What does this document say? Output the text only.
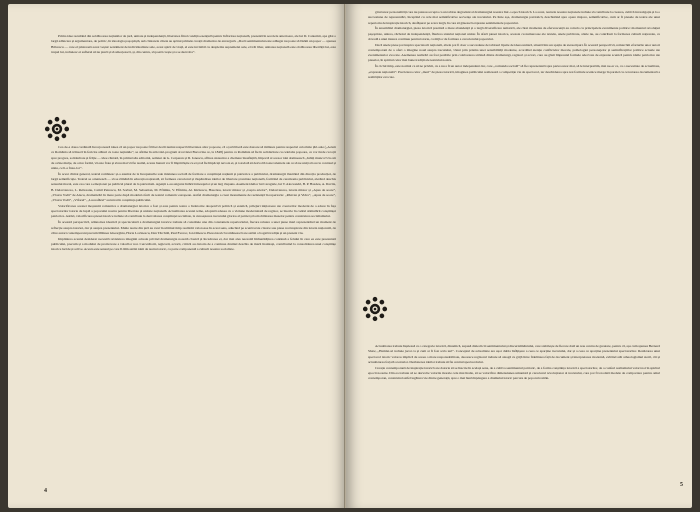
Prima idee rezultind din soldătoarea națiunilor de țară, unitate și independență, libertatea fiind condiția esențială pentru înflorirea națională, prezentă în secolele anterioare, ale lui D. Cantemir, apa găsi o largă adâncare și argumentare, de politic, în ideologia pașoptiștă, sub cântarele căreia au apărut primele creații dramatice de anvergură. „Dacă sentimentului este adăugat nu poate să lăsăm un popor — spunea Bălcescu — care el păstrează acest veșnic sentiment de individualitate sale, acest spirit de viață, el este invizibil cu despletite supremelei sale, el trăi liber, unitatea națională este obdătoarea libertății lui, este trupul lui, trebuiesc ei suflerul să nu piară și să amorțească, și, din centru, să poată crește și a se dezvolta”.

Cea de-a doua cardinală încorporează ideea că un popor nu poate fi liber decât numai respectă libertatea altor popoare, că o țară liberă este datoare să militeze pentru respectul celorlalte țări-sale („Acum ca România să trăiască în fericire alături cu toate națiunile”, se afirma în articolul-program al revistei Bucovina ce, la 1848) pentru ca România să fie în solidaritate cu celelalte popoare, ce vor tinde cu toții spre progres, solidaritate și frăție — idee cântată, în primul său editorial, semnat de G. Cerperen și D. Ionescu, aflirea sisteatice a chemare însuflețită, împortă al acesor idei domnească „Iubiți munca! Un om de ovine mulțe, de orice formă, vă este frate și să nu mai vă fie teamă, aceste bunuri vor fi împărtășite cu ei și să fie împăcați nevoia ei, și totodată să dezvoltă toate talentele ale ce să ne uniți alt ore le contrsul și unite, ce li-a frate-lor”.

În acest climat general, teatrul românesc și-a asumat de la începuturile sale misiunea socială de formare a conștiinței națiunii și patriotice a publicului, dramaturgii ilustrând din direcția producției, de largă semnificație. Teatrul se orientează — să se rămână în educația națională, să formeze caracterul și răspândirea ideilor de libertate și unitate națională, formând de ceremonia publicului, alerând deschis sensului moral, este cea care a emoționat pe publicul plural de la patriotism. Agenții s-au asigurat întăririi mesajelor și un larg răspuns. Asemeni ideilor lui Caragiale, lui V. Alecsandri, B. P. Hasdeu, A. Davila, B. Delavrancea, L. Rebreanu, Camil Petrescu, M. Sorbul, M. Sebastian, M. Eftimiu, V. Eftimiu, Al. Kiritescu, Hascdeu, istoric mistor și „Lupta artelor”, Delavrancea, istoria mistor și „Apus de soare”, „Vlaicu Vodă” de Alecu, dramatizări în mare parte după modelul oferit de teatrul romantic european. Astfel dramaturgia a creat monumente de rezistență în repertoriu: „Răzvan și Vidra”, „Apus de soare”, „Vlaicu Vodă”, „Viforul”, „Luceafărul” au intrat în conștiința publicului.

Valorificarea acestei moșteniri romantice a dramaturgiei istorice a fost și este pentru teatre o îndatorire deopotrivă politică și estetică, prilejuri inițiatoare ale creatorilor moderni de a aduce în fața spectatorilor istoria de luptă a poporului nostru pentru libertate și unitate națională. Actualitatea acestei teme, adoptată adesea cu o viziune modernizată de regizor, se înscrie în cadrul stimulării conștiinței patriotice. Astăzi, valorificarea piesei istorice trebuie să contribuie la dezvoltarea conștiinței socialiste, la cunoașterea trecutului glorios al patriei și la mobilizarea maselor pentru construirea socialismului.

În această perspectivă, reînnoirea ideatică și spectaculară a dramaturgiei istorice trebuie să constituie una din constantele repertoriului, fiecare reluare a unei piese mari reprezentând un moment de reflecție asupra istoriei, dar și asupra prezentului. Multe teatre din țară au avut în ultimul timp realizări valoroase în acest sens, aducând pe scenă texte clasice sau piese noi inspirate din istoria națională, de către autori contemporani precum Mihnea Gheorghiu, Horia Lovinescu, Dan Tărchilă, Paul Everac, Ion Omescu. Piesa istorică românească are astăzi o bogată tradiție și un prezent viu.

Implinirea acestui deziderat necesită revizuirea imaginii actuale privind dramaturgia noastră clasică și încadrarea ei, dar mai ales necesită îmbunătățirea continuă a felului în care ea este prezentată publicului, precum și a modului de promovare a valorilor noi. Cercetătorii, regizorii, actorii, criticii au datoria de a continua drumul deschis de marii înaintași, contribuind la consolidarea unei conștiințe istorice lucide și active. Acesta este sensul pe care îl dăm astăzi ideii de teatru istoric, ca parte componentă a culturii noastre socialiste.

4

girul unor personalități care nu puteau accepta ca un tablou degradant al dramaturgiei noastre într-o epocă istorică. La acest, teatrele noastre naționale trebuie să contribuie la crearea, cultivă investigația și la o succesiune de reprezentări, începând cu cele mai semnificative secvențe ale trecutului. Pe linie așa, dramaturgie patriotică, deschizând spre opere majore, semnificative, cum ar fi piesele de teatru ale unui repertoriu de inspirație istorică, desfășurat pe scara largă, în care să găsească expresie sentimentele poporului.

În ansamblul dramaturgiei, piesa istorică prezintă o mare abundență și o largă diversificare tematică, ale cărei momente de efervescență au coincis cu principalele evenimente politice: momentul revoluției pașoptiste, unirea, războiul de independență, făurirea statului național unitar. În afară piesei istorice, aceasta cu numeroase ale textele, unele publicate, altele nu, au contribuit la formarea culturii naționale, ca dovadă a unui interes continuu pentru istorie, ca mijloc de formare a caracterului poporului.

Dacă unele piese pot inspira spectatorii naționali, altele pot fi doar o succesiune de tablouri lipsite de ideea unitară, situată într-un spațiu de stereotipuri. În această perspectivă, remarcăm eforturile unor autori contemporani de a oferi o imagine nouă asupra trecutului, văzut prin prisma unei sensibilități moderne, acordând atenție conflictelor morale, psihologiei personajelor și semnificațiilor politice actuale ale evenimentelor evocate. Asemenea realizări au fost posibile prin colaborarea strânsă dintre dramaturgi, regizori și actori, care au găsit împreună formele adecvate de expresie scenică pentru ideile patriotice ale pieselor, în spiritul celor mai bune tradiții ale teatrului nostru.

În ciclul timp, este normal ca să ne privim, cu a nu a fi un autor independent dar, care „comunda socială” să fie reprezentată spre partea unor mai, să le interpretăm, mai ne-ar ce, ca o necesitate de actualitate, „expresie națională”. Precizarea celor „mari” de piesa istorică, imaginea publicului realizează o competiție vie de spectacol, iar deschiderea spre noi formule scenice merge în paralel cu cercetarea documentară a realităților evocate.

Actualitatea trebuie înțeleasă ca o categorie istorică, dinamică, supusă dialecticii sentimentului și discernământului, care stabilește de fiecare dată un nou centru de greutate, pentru că, așa cum spunea Bernard Shaw, „Hamlet-ul trebuie jucat ca și cum ar fi fost scris ieri”. Conceptul de actualitate are ușor dubla înfățișare a ceea ce aparține trecutului, dar și a ceea ce aparține prezentului spectatorilor. Realizarea unui spectacol istoric valoros implică de aceea o mare responsabilitate, deoarece regizorul trebuie să aleagă cu grijă între fidelitatea față de document și interpretarea modernă, evitând atât arheologismul steril, cât și actualizarea forțată a textelor. Dezbaterea ideilor trebuie să fie centrul spectacolului.

Creația contemporană de inspirație istorică are datoria să se înscrie în același sens, de a cultiva sentimentul patriotic, de a forma conștiința istorică a spectatorilor, de a conferi realismului valori noi în spiritul epocii noastre. Din ea trebuie să se dezvolte valorile morale cele mai înalte, să se valorifice dimensiunea umanistă și caracterul revoluționar al trecutului, care pot fi totodată modele de comportare pentru omul contemporan, construind astfel legătura vie dintre generații, spre o mai bună înțelegere a drumului istoric parcurs de poporul român.

5
